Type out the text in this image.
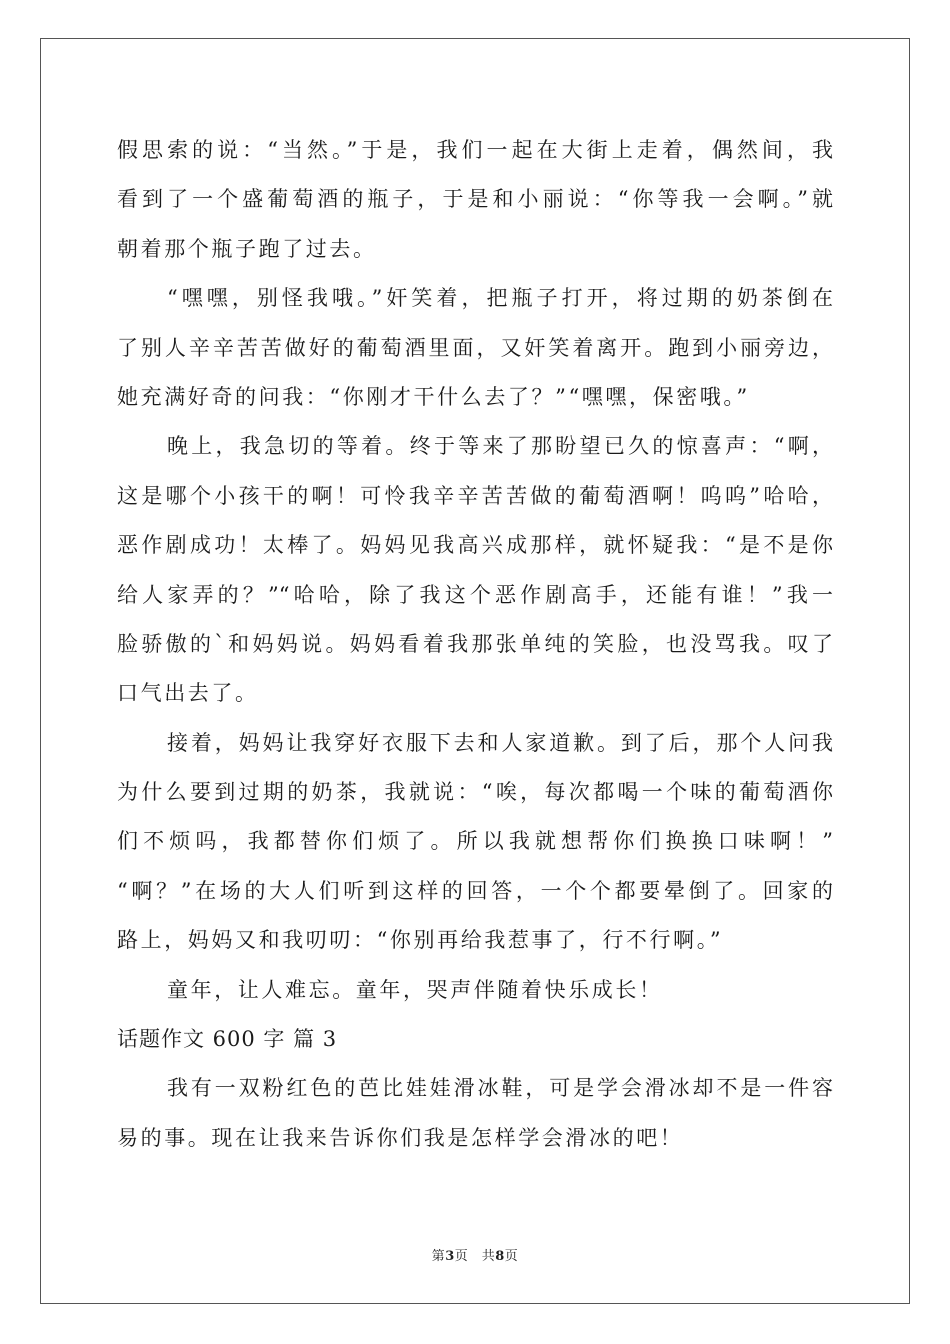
假思索的说：“当然。”于是，我们一起在大街上走着，偶然间，我
看到了一个盛葡萄酒的瓶子，于是和小丽说：“你等我一会啊。”就
朝着那个瓶子跑了过去。
“嘿嘿，别怪我哦。”奸笑着，把瓶子打开，将过期的奶茶倒在
了别人辛辛苦苦做好的葡萄酒里面，又奸笑着离开。跑到小丽旁边，
她充满好奇的问我：“你刚才干什么去了？”“嘿嘿，保密哦。”
晚上，我急切的等着。终于等来了那盼望已久的惊喜声：“啊，
这是哪个小孩干的啊！可怜我辛辛苦苦做的葡萄酒啊！呜呜”哈哈，
恶作剧成功！太棒了。妈妈见我高兴成那样，就怀疑我：“是不是你
给人家弄的？”“哈哈，除了我这个恶作剧高手，还能有谁！”我一
脸骄傲的`和妈妈说。妈妈看着我那张单纯的笑脸，也没骂我。叹了
口气出去了。
接着，妈妈让我穿好衣服下去和人家道歉。到了后，那个人问我
为什么要到过期的奶茶，我就说：“唉，每次都喝一个味的葡萄酒你
们不烦吗，我都替你们烦了。所以我就想帮你们换换口味啊！”
“啊？”在场的大人们听到这样的回答，一个个都要晕倒了。回家的
路上，妈妈又和我叨叨：“你别再给我惹事了，行不行啊。”
童年，让人难忘。童年，哭声伴随着快乐成长！
话题作文 600 字 篇 3
我有一双粉红色的芭比娃娃滑冰鞋，可是学会滑冰却不是一件容
易的事。现在让我来告诉你们我是怎样学会滑冰的吧！
第3页　共8页
